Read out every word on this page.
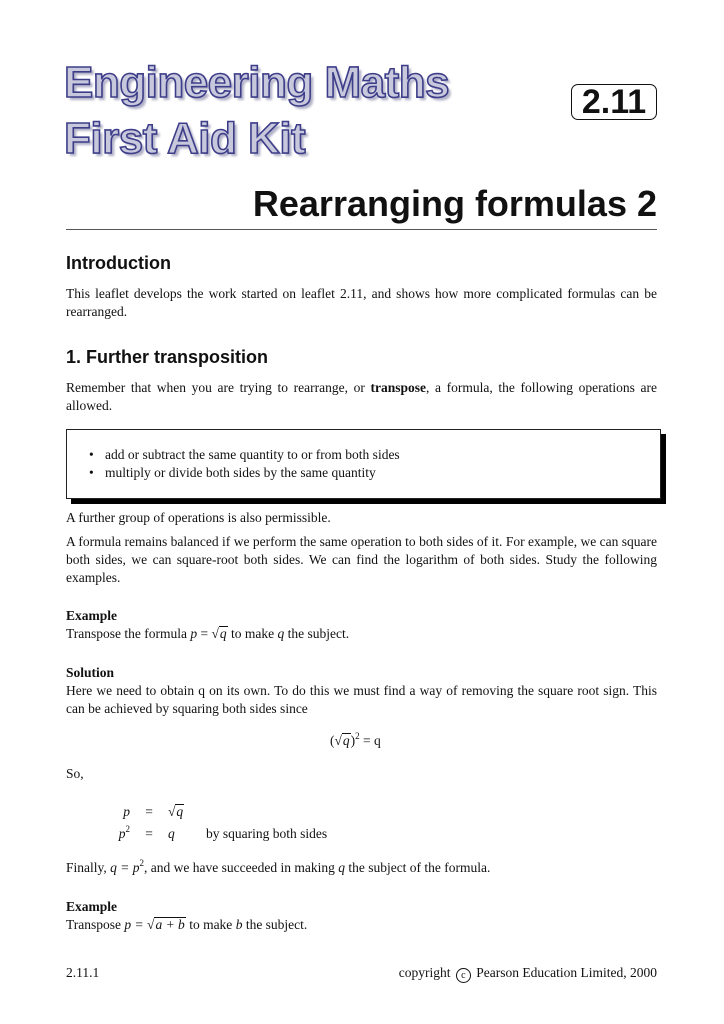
Engineering Maths
First Aid Kit
2.11
Rearranging formulas 2
Introduction
This leaflet develops the work started on leaflet 2.11, and shows how more complicated formulas can be rearranged.
1. Further transposition
Remember that when you are trying to rearrange, or transpose, a formula, the following operations are allowed.
• add or subtract the same quantity to or from both sides
• multiply or divide both sides by the same quantity
A further group of operations is also permissible.
A formula remains balanced if we perform the same operation to both sides of it. For example, we can square both sides, we can square-root both sides. We can find the logarithm of both sides. Study the following examples.
Example
Transpose the formula p = √q to make q the subject.
Solution
Here we need to obtain q on its own. To do this we must find a way of removing the square root sign. This can be achieved by squaring both sides since
$(√q)^2 = q$
So,
p	=	√q	
$p^2$	=	q	by squaring both sides
Finally, $q = p^2$, and we have succeeded in making q the subject of the formula.
Example
Transpose p = √a + b to make b the subject.
2.11.1	copyright c Pearson Education Limited, 2000
